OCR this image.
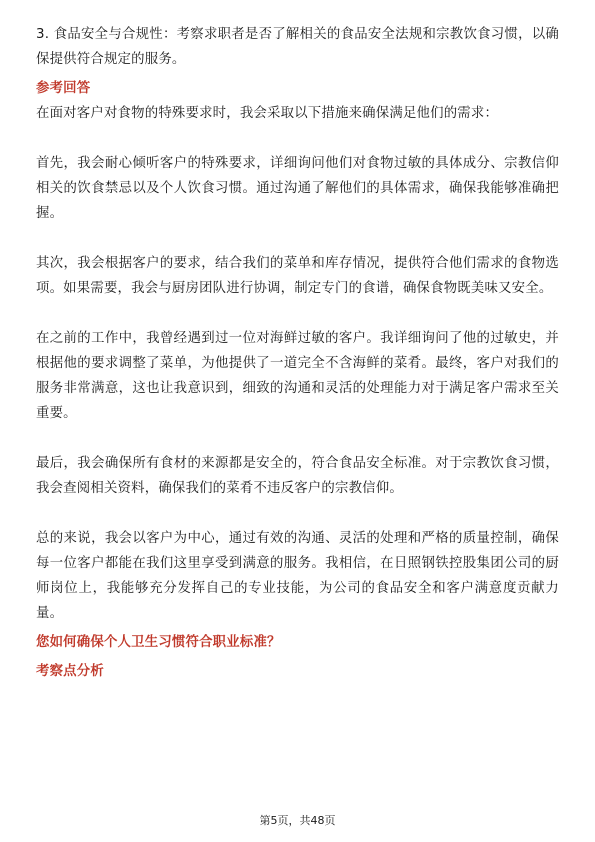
3. 食品安全与合规性：考察求职者是否了解相关的食品安全法规和宗教饮食习惯，以确保提供符合规定的服务。

参考回答

在面对客户对食物的特殊要求时，我会采取以下措施来确保满足他们的需求：

首先，我会耐心倾听客户的特殊要求，详细询问他们对食物过敏的具体成分、宗教信仰相关的饮食禁忌以及个人饮食习惯。通过沟通了解他们的具体需求，确保我能够准确把握。

其次，我会根据客户的要求，结合我们的菜单和库存情况，提供符合他们需求的食物选项。如果需要，我会与厨房团队进行协调，制定专门的食谱，确保食物既美味又安全。

在之前的工作中，我曾经遇到过一位对海鲜过敏的客户。我详细询问了他的过敏史，并根据他的要求调整了菜单，为他提供了一道完全不含海鲜的菜肴。最终，客户对我们的服务非常满意，这也让我意识到，细致的沟通和灵活的处理能力对于满足客户需求至关重要。

最后，我会确保所有食材的来源都是安全的，符合食品安全标准。对于宗教饮食习惯，我会查阅相关资料，确保我们的菜肴不违反客户的宗教信仰。

总的来说，我会以客户为中心，通过有效的沟通、灵活的处理和严格的质量控制，确保每一位客户都能在我们这里享受到满意的服务。我相信，在日照钢铁控股集团公司的厨师岗位上，我能够充分发挥自己的专业技能，为公司的食品安全和客户满意度贡献力量。

您如何确保个人卫生习惯符合职业标准？

考察点分析

第5页，共48页
